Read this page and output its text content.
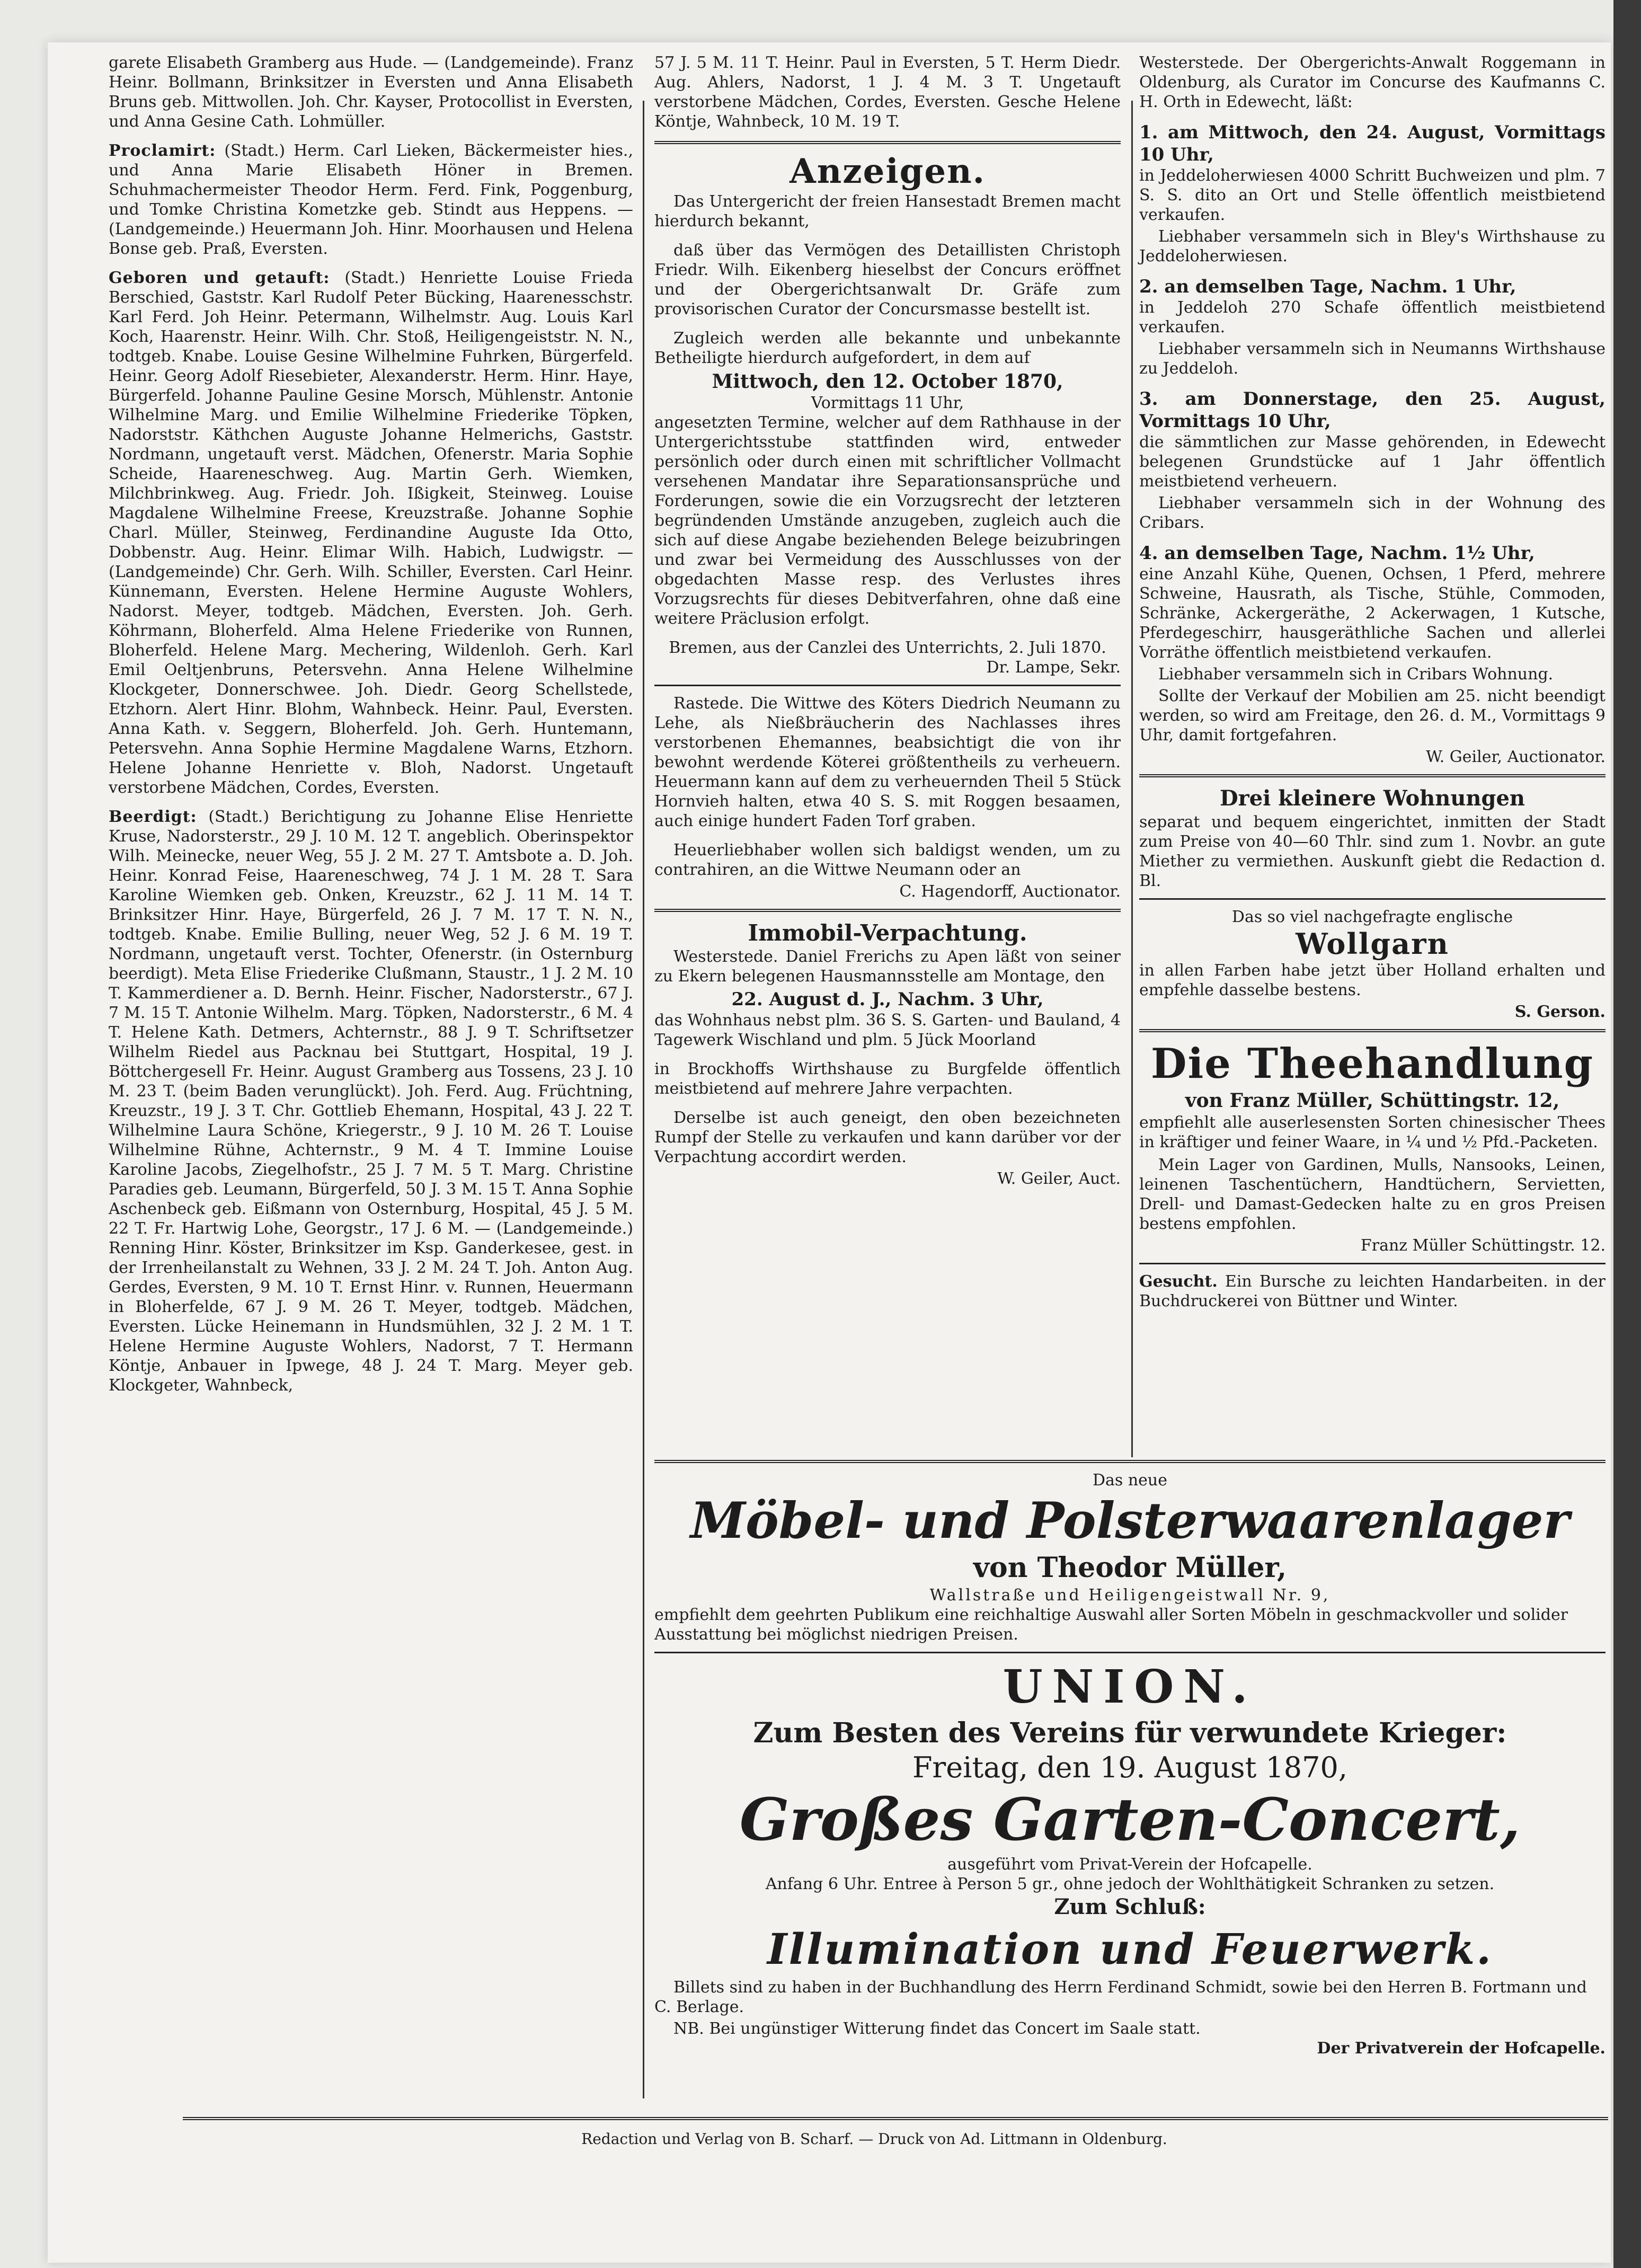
garete Elisabeth Gramberg aus Hude. — (Landgemeinde). Franz Heinr. Bollmann, Brinksitzer in Eversten und Anna Elisabeth Bruns geb. Mittwollen. Joh. Chr. Kayser, Protocollist in Eversten, und Anna Gesine Cath. Lohmüller.

Proclamirt: (Stadt.) Herm. Carl Lieken, Bäckermeister hies., und Anna Marie Elisabeth Höner in Bremen. Schuhmachermeister Theodor Herm. Ferd. Fink, Poggenburg, und Tomke Christina Kometzke geb. Stindt aus Heppens. — (Landgemeinde.) Heuermann Joh. Hinr. Moorhausen und Helena Bonse geb. Praß, Eversten.

Geboren und getauft: (Stadt.) Henriette Louise Frieda Berschied, Gaststr. Karl Rudolf Peter Bücking, Haarenesschstr. Karl Ferd. Joh Heinr. Petermann, Wilhelmstr. Aug. Louis Karl Koch, Haarenstr. Heinr. Wilh. Chr. Stoß, Heiligengeiststr. N. N., todtgeb. Knabe. Louise Gesine Wilhelmine Fuhrken, Bürgerfeld. Heinr. Georg Adolf Riesebieter, Alexanderstr. Herm. Hinr. Haye, Bürgerfeld. Johanne Pauline Gesine Morsch, Mühlenstr. Antonie Wilhelmine Marg. und Emilie Wilhelmine Friederike Töpken, Nadorststr. Käthchen Auguste Johanne Helmerichs, Gaststr. Nordmann, ungetauft verst. Mädchen, Ofenerstr. Maria Sophie Scheide, Haareneschweg. Aug. Martin Gerh. Wiemken, Milchbrinkweg. Aug. Friedr. Joh. Ißigkeit, Steinweg. Louise Magdalene Wilhelmine Freese, Kreuzstraße. Johanne Sophie Charl. Müller, Steinweg, Ferdinandine Auguste Ida Otto, Dobbenstr. Aug. Heinr. Elimar Wilh. Habich, Ludwigstr. — (Landgemeinde) Chr. Gerh. Wilh. Schiller, Eversten. Carl Heinr. Künnemann, Eversten. Helene Hermine Auguste Wohlers, Nadorst. Meyer, todtgeb. Mädchen, Eversten. Joh. Gerh. Köhrmann, Bloherfeld. Alma Helene Friederike von Runnen, Bloherfeld. Helene Marg. Mechering, Wildenloh. Gerh. Karl Emil Oeltjenbruns, Petersvehn. Anna Helene Wilhelmine Klockgeter, Donnerschwee. Joh. Diedr. Georg Schellstede, Etzhorn. Alert Hinr. Blohm, Wahnbeck. Heinr. Paul, Eversten. Anna Kath. v. Seggern, Bloherfeld. Joh. Gerh. Huntemann, Petersvehn. Anna Sophie Hermine Magdalene Warns, Etzhorn. Helene Johanne Henriette v. Bloh, Nadorst. Ungetauft verstorbene Mädchen, Cordes, Eversten.

Beerdigt: (Stadt.) Berichtigung zu Johanne Elise Henriette Kruse, Nadorsterstr., 29 J. 10 M. 12 T. angeblich. Oberinspektor Wilh. Meinecke, neuer Weg, 55 J. 2 M. 27 T. Amtsbote a. D. Joh. Heinr. Konrad Feise, Haareneschweg, 74 J. 1 M. 28 T. Sara Karoline Wiemken geb. Onken, Kreuzstr., 62 J. 11 M. 14 T. Brinksitzer Hinr. Haye, Bürgerfeld, 26 J. 7 M. 17 T. N. N., todtgeb. Knabe. Emilie Bulling, neuer Weg, 52 J. 6 M. 19 T. Nordmann, ungetauft verst. Tochter, Ofenerstr. (in Osternburg beerdigt). Meta Elise Friederike Clußmann, Staustr., 1 J. 2 M. 10 T. Kammerdiener a. D. Bernh. Heinr. Fischer, Nadorsterstr., 67 J. 7 M. 15 T. Antonie Wilhelm. Marg. Töpken, Nadorsterstr., 6 M. 4 T. Helene Kath. Detmers, Achternstr., 88 J. 9 T. Schriftsetzer Wilhelm Riedel aus Packnau bei Stuttgart, Hospital, 19 J. Böttchergesell Fr. Heinr. August Gramberg aus Tossens, 23 J. 10 M. 23 T. (beim Baden verunglückt). Joh. Ferd. Aug. Früchtning, Kreuzstr., 19 J. 3 T. Chr. Gottlieb Ehemann, Hospital, 43 J. 22 T. Wilhelmine Laura Schöne, Kriegerstr., 9 J. 10 M. 26 T. Louise Wilhelmine Rühne, Achternstr., 9 M. 4 T. Immine Louise Karoline Jacobs, Ziegelhofstr., 25 J. 7 M. 5 T. Marg. Christine Paradies geb. Leumann, Bürgerfeld, 50 J. 3 M. 15 T. Anna Sophie Aschenbeck geb. Eißmann von Osternburg, Hospital, 45 J. 5 M. 22 T. Fr. Hartwig Lohe, Georgstr., 17 J. 6 M. — (Landgemeinde.) Renning Hinr. Köster, Brinksitzer im Ksp. Ganderkesee, gest. in der Irrenheilanstalt zu Wehnen, 33 J. 2 M. 24 T. Joh. Anton Aug. Gerdes, Eversten, 9 M. 10 T. Ernst Hinr. v. Runnen, Heuermann in Bloherfelde, 67 J. 9 M. 26 T. Meyer, todtgeb. Mädchen, Eversten. Lücke Heinemann in Hundsmühlen, 32 J. 2 M. 1 T. Helene Hermine Auguste Wohlers, Nadorst, 7 T. Hermann Köntje, Anbauer in Ipwege, 48 J. 24 T. Marg. Meyer geb. Klockgeter, Wahnbeck,

57 J. 5 M. 11 T. Heinr. Paul in Eversten, 5 T. Herm Diedr. Aug. Ahlers, Nadorst, 1 J. 4 M. 3 T. Ungetauft verstorbene Mädchen, Cordes, Eversten. Gesche Helene Köntje, Wahnbeck, 10 M. 19 T.

Anzeigen.

Das Untergericht der freien Hansestadt Bremen macht hierdurch bekannt,

daß über das Vermögen des Detaillisten Christoph Friedr. Wilh. Eikenberg hieselbst der Concurs eröffnet und der Obergerichtsanwalt Dr. Gräfe zum provisorischen Curator der Concursmasse bestellt ist.

Zugleich werden alle bekannte und unbekannte Betheiligte hierdurch aufgefordert, in dem auf

Mittwoch, den 12. October 1870,
Vormittags 11 Uhr,

angesetzten Termine, welcher auf dem Rathhause in der Untergerichtsstube stattfinden wird, entweder persönlich oder durch einen mit schriftlicher Vollmacht versehenen Mandatar ihre Separationsansprüche und Forderungen, sowie die ein Vorzugsrecht der letzteren begründenden Umstände anzugeben, zugleich auch die sich auf diese Angabe beziehenden Belege beizubringen und zwar bei Vermeidung des Ausschlusses von der obgedachten Masse resp. des Verlustes ihres Vorzugsrechts für dieses Debitverfahren, ohne daß eine weitere Präclusion erfolgt.

Bremen, aus der Canzlei des Unterrichts, 2. Juli 1870.
Dr. Lampe, Sekr.

Rastede. Die Wittwe des Köters Diedrich Neumann zu Lehe, als Nießbräucherin des Nachlasses ihres verstorbenen Ehemannes, beabsichtigt die von ihr bewohnt werdende Köterei größtentheils zu verheuern. Heuermann kann auf dem zu verheuernden Theil 5 Stück Hornvieh halten, etwa 40 S. S. mit Roggen besaamen, auch einige hundert Faden Torf graben.

Heuerliebhaber wollen sich baldigst wenden, um zu contrahiren, an die Wittwe Neumann oder an

C. Hagendorff, Auctionator.
Immobil-Verpachtung.

Westerstede. Daniel Frerichs zu Apen läßt von seiner zu Ekern belegenen Hausmannsstelle am Montage, den

22. August d. J., Nachm. 3 Uhr,

das Wohnhaus nebst plm. 36 S. S. Garten- und Bauland, 4 Tagewerk Wischland und plm. 5 Jück Moorland

in Brockhoffs Wirthshause zu Burgfelde öffentlich meistbietend auf mehrere Jahre verpachten.

Derselbe ist auch geneigt, den oben bezeichneten Rumpf der Stelle zu verkaufen und kann darüber vor der Verpachtung accordirt werden.

W. Geiler, Auct.

Westerstede. Der Obergerichts-Anwalt Roggemann in Oldenburg, als Curator im Concurse des Kaufmanns C. H. Orth in Edewecht, läßt:

1. am Mittwoch, den 24. August, Vormittags 10 Uhr,

in Jeddeloherwiesen 4000 Schritt Buchweizen und plm. 7 S. S. dito an Ort und Stelle öffentlich meistbietend verkaufen.

Liebhaber versammeln sich in Bley's Wirthshause zu Jeddeloherwiesen.

2. an demselben Tage, Nachm. 1 Uhr,

in Jeddeloh 270 Schafe öffentlich meistbietend verkaufen.

Liebhaber versammeln sich in Neumanns Wirthshause zu Jeddeloh.

3. am Donnerstage, den 25. August, Vormittags 10 Uhr,

die sämmtlichen zur Masse gehörenden, in Edewecht belegenen Grundstücke auf 1 Jahr öffentlich meistbietend verheuern.

Liebhaber versammeln sich in der Wohnung des Cribars.

4. an demselben Tage, Nachm. 1½ Uhr,

eine Anzahl Kühe, Quenen, Ochsen, 1 Pferd, mehrere Schweine, Hausrath, als Tische, Stühle, Commoden, Schränke, Ackergeräthe, 2 Ackerwagen, 1 Kutsche, Pferdegeschirr, hausgeräthliche Sachen und allerlei Vorräthe öffentlich meistbietend verkaufen.

Liebhaber versammeln sich in Cribars Wohnung.

Sollte der Verkauf der Mobilien am 25. nicht beendigt werden, so wird am Freitage, den 26. d. M., Vormittags 9 Uhr, damit fortgefahren.

W. Geiler, Auctionator.
Drei kleinere Wohnungen

separat und bequem eingerichtet, inmitten der Stadt zum Preise von 40—60 Thlr. sind zum 1. Novbr. an gute Miether zu vermiethen. Auskunft giebt die Redaction d. Bl.

Das so viel nachgefragte englische
Wollgarn

in allen Farben habe jetzt über Holland erhalten und empfehle dasselbe bestens.

S. Gerson.
Die Theehandlung
von Franz Müller, Schüttingstr. 12,

empfiehlt alle auserlesensten Sorten chinesischer Thees in kräftiger und feiner Waare, in ¼ und ½ Pfd.-Packeten.

Mein Lager von Gardinen, Mulls, Nansooks, Leinen, leinenen Taschentüchern, Handtüchern, Servietten, Drell- und Damast-Gedecken halte zu en gros Preisen bestens empfohlen.

Franz Müller Schüttingstr. 12.

Gesucht. Ein Bursche zu leichten Handarbeiten. in der Buchdruckerei von Büttner und Winter.

Das neue
Möbel- und Polsterwaarenlager
von Theodor Müller,
Wallstraße und Heiligengeistwall Nr. 9,

empfiehlt dem geehrten Publikum eine reichhaltige Auswahl aller Sorten Möbeln in geschmackvoller und solider Ausstattung bei möglichst niedrigen Preisen.

UNION.
Zum Besten des Vereins für verwundete Krieger:
Freitag, den 19. August 1870,
Großes Garten-Concert,
ausgeführt vom Privat-Verein der Hofcapelle.
Anfang 6 Uhr. Entree à Person 5 gr., ohne jedoch der Wohlthätigkeit Schranken zu setzen.
Zum Schluß:
Illumination und Feuerwerk.

Billets sind zu haben in der Buchhandlung des Herrn Ferdinand Schmidt, sowie bei den Herren B. Fortmann und C. Berlage.

NB. Bei ungünstiger Witterung findet das Concert im Saale statt.
Der Privatverein der Hofcapelle.
Redaction und Verlag von B. Scharf. — Druck von Ad. Littmann in Oldenburg.
